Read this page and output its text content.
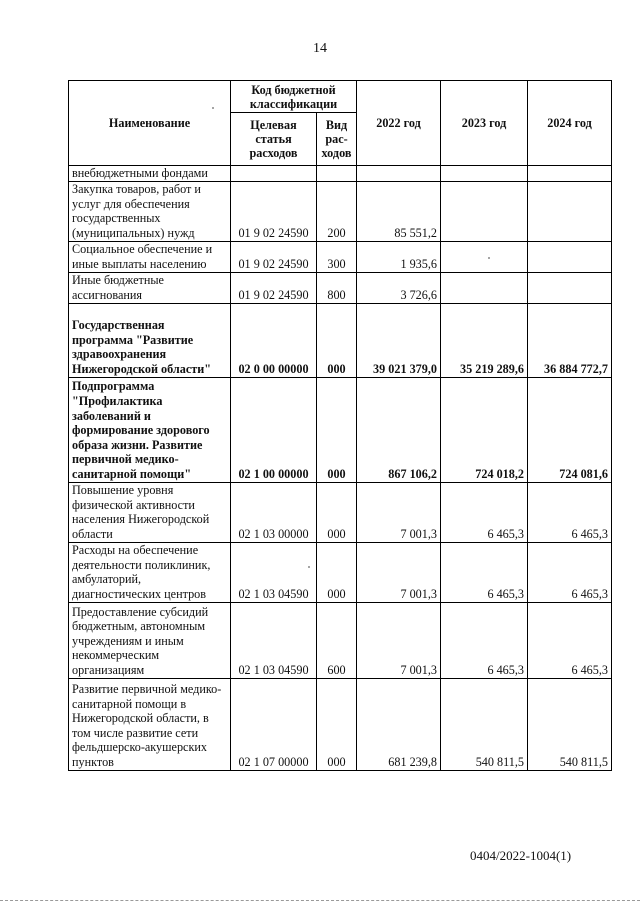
14
Наименование	Код бюджетной классификации		2022 год	2023 год	2024 год
	Целевая статья расходов	Вид рас-ходов			
внебюджетными фондами					
Закупка товаров, работ и услуг для обеспечения государственных (муниципальных) нужд	01 9 02 24590	200	85 551,2		
Социальное обеспечение и иные выплаты населению	01 9 02 24590	300	1 935,6		
Иные бюджетные ассигнования	01 9 02 24590	800	3 726,6		
Государственная программа "Развитие здравоохранения Нижегородской области"	02 0 00 00000	000	39 021 379,0	35 219 289,6	36 884 772,7
Подпрограмма "Профилактика заболеваний и формирование здорового образа жизни. Развитие первичной медико-санитарной помощи"	02 1 00 00000	000	867 106,2	724 018,2	724 081,6
Повышение уровня физической активности населения Нижегородской области	02 1 03 00000	000	7 001,3	6 465,3	6 465,3
Расходы на обеспечение деятельности поликлиник, амбулаторий, диагностических центров	02 1 03 04590	000	7 001,3	6 465,3	6 465,3
Предоставление субсидий бюджетным, автономным учреждениям и иным некоммерческим организациям	02 1 03 04590	600	7 001,3	6 465,3	6 465,3
Развитие первичной медико-санитарной помощи в Нижегородской области, в том числе развитие сети фельдшерско-акушерских пунктов	02 1 07 00000	000	681 239,8	540 811,5	540 811,5
0404/2022-1004(1)
